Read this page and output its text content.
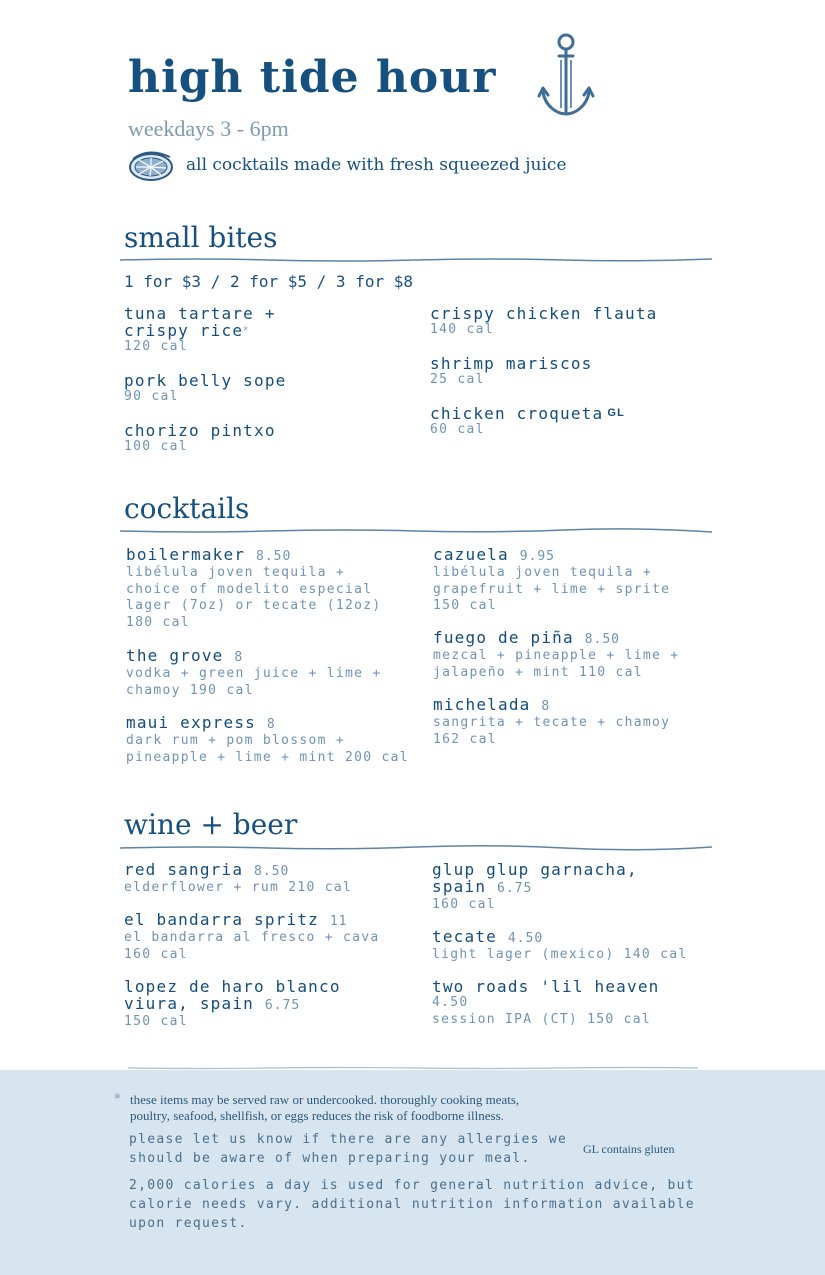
high tide hour
weekdays 3 - 6pm
all cocktails made with fresh squeezed juice
small bites
1 for $3 / 2 for $5 / 3 for $8
tuna tartare +
crispy rice*
120 cal
pork belly sope
90 cal
chorizo pintxo
100 cal
crispy chicken flauta
140 cal
shrimp mariscos
25 cal
chicken croqueta $^{GL}$
60 cal
cocktails
boilermaker 8.50
libélula joven tequila +
choice of modelito especial
lager (7oz) or tecate (12oz)
180 cal
the grove 8
vodka + green juice + lime +
chamoy 190 cal
maui express 8
dark rum + pom blossom +
pineapple + lime + mint 200 cal
cazuela 9.95
libélula joven tequila +
grapefruit + lime + sprite
150 cal
fuego de piña 8.50
mezcal + pineapple + lime +
jalapeño + mint 110 cal
michelada 8
sangrita + tecate + chamoy
162 cal
wine + beer
red sangria 8.50
elderflower + rum 210 cal
el bandarra spritz 11
el bandarra al fresco + cava
160 cal
lopez de haro blanco
viura, spain 6.75
150 cal
glup glup garnacha,
spain 6.75
160 cal
tecate 4.50
light lager (mexico) 140 cal
two roads 'lil heaven
4.50
session IPA (CT) 150 cal
* these items may be served raw or undercooked. thoroughly cooking meats,
poultry, seafood, shellfish, or eggs reduces the risk of foodborne illness.
please let us know if there are any allergies we
should be aware of when preparing your meal.
GL contains gluten
2,000 calories a day is used for general nutrition advice, but
calorie needs vary. additional nutrition information available
upon request.
